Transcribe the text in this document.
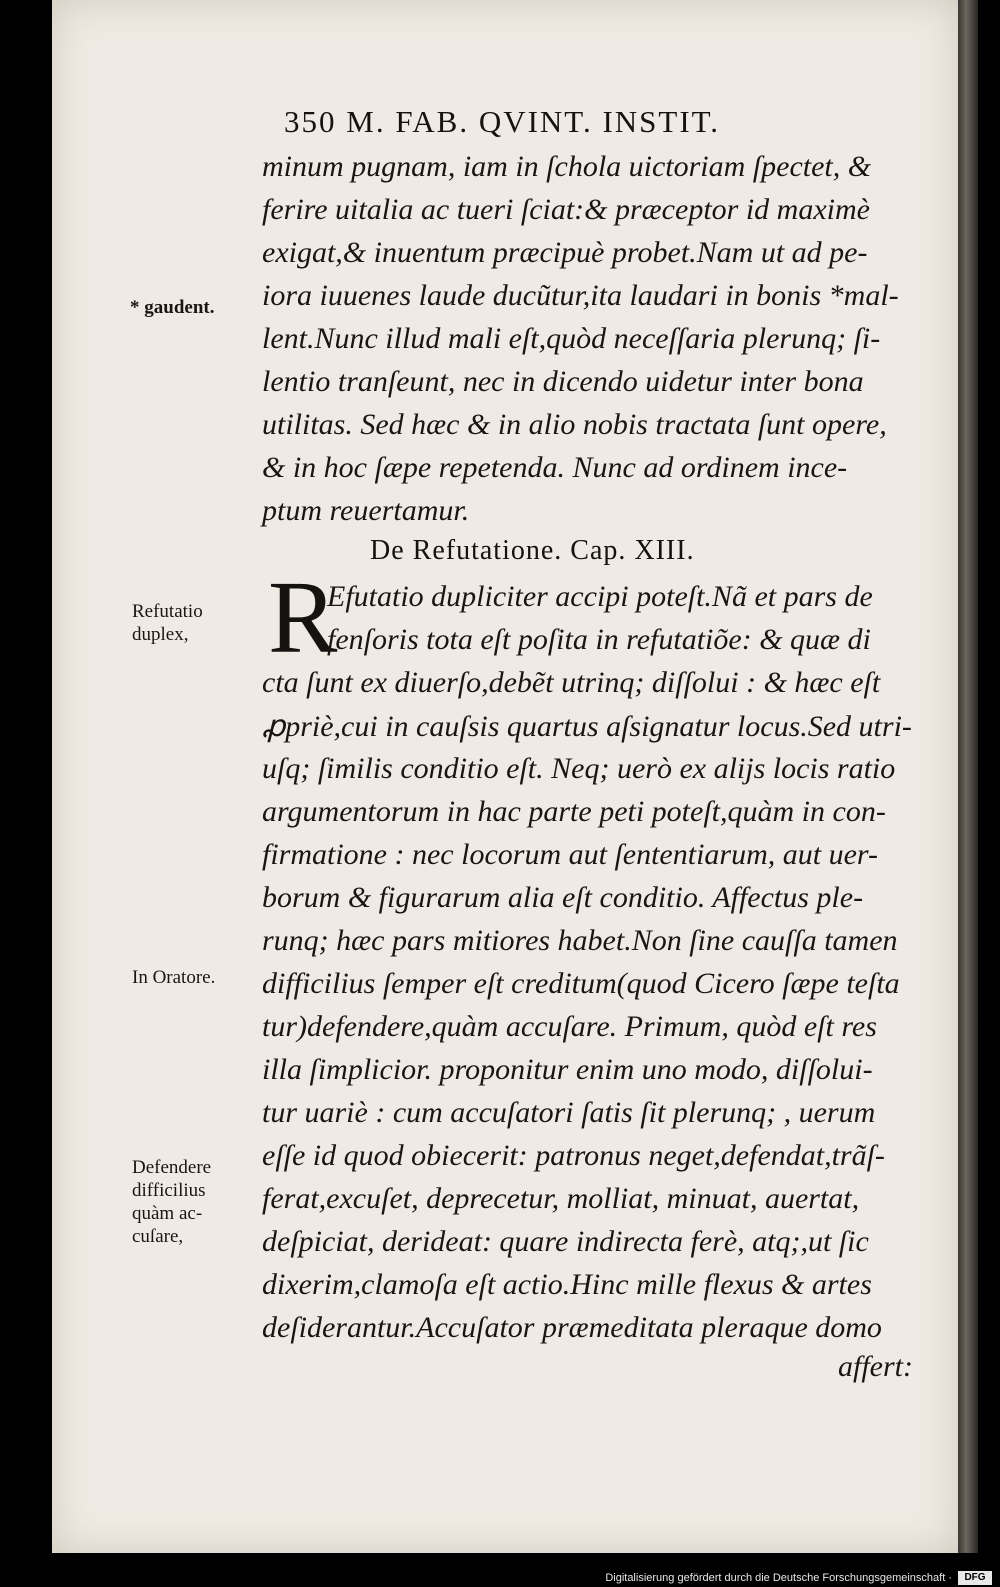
350 M. FAB. QVINT. INSTIT.
minum pugnam, iam in ſchola uictoriam ſpectet, &
ferire uitalia ac tueri ſciat:& præceptor id maximè
exigat,& inuentum præcipuè probet.Nam ut ad pe-
iora iuuenes laude ducũtur,ita laudari in bonis *mal-
lent.Nunc illud mali eſt,quòd neceſſaria plerunq; ſi-
lentio tranſeunt, nec in dicendo uidetur inter bona
utilitas. Sed hæc & in alio nobis tractata ſunt opere,
& in hoc ſæpe repetenda. Nunc ad ordinem ince-
ptum reuertamur.
De Refutatione. Cap. XIII.
R
Efutatio dupliciter accipi poteſt.Nã et pars de
fenſoris tota eſt poſita in refutatiõe: & quæ di
cta ſunt ex diuerſo,debẽt utrinq; diſſolui : & hæc eſt
ꝓpriè,cui in cauſsis quartus aſsignatur locus.Sed utri-
uſq; ſimilis conditio eſt. Neq; uerò ex alijs locis ratio
argumentorum in hac parte peti poteſt,quàm in con-
firmatione : nec locorum aut ſententiarum, aut uer-
borum & figurarum alia eſt conditio. Affectus ple-
runq; hæc pars mitiores habet.Non ſine cauſſa tamen
difficilius ſemper eſt creditum(quod Cicero ſæpe teſta
tur)defendere,quàm accuſare. Primum, quòd eſt res
illa ſimplicior. proponitur enim uno modo, diſſolui-
tur uariè : cum accuſatori ſatis ſit plerunq; , uerum
eſſe id quod obiecerit: patronus neget,defendat,trãſ-
ferat,excuſet, deprecetur, molliat, minuat, auertat,
deſpiciat, derideat: quare indirecta ferè, atq;,ut ſic
dixerim,clamoſa eſt actio.Hinc mille flexus & artes
deſiderantur.Accuſator præmeditata pleraque domo
affert:
* gaudent.
Refutatio
duplex,
In Oratore.
Defendere
difficilius
quàm ac-
cuſare,
Digitalisierung gefördert durch die Deutsche Forschungsgemeinschaft ·	DFG
